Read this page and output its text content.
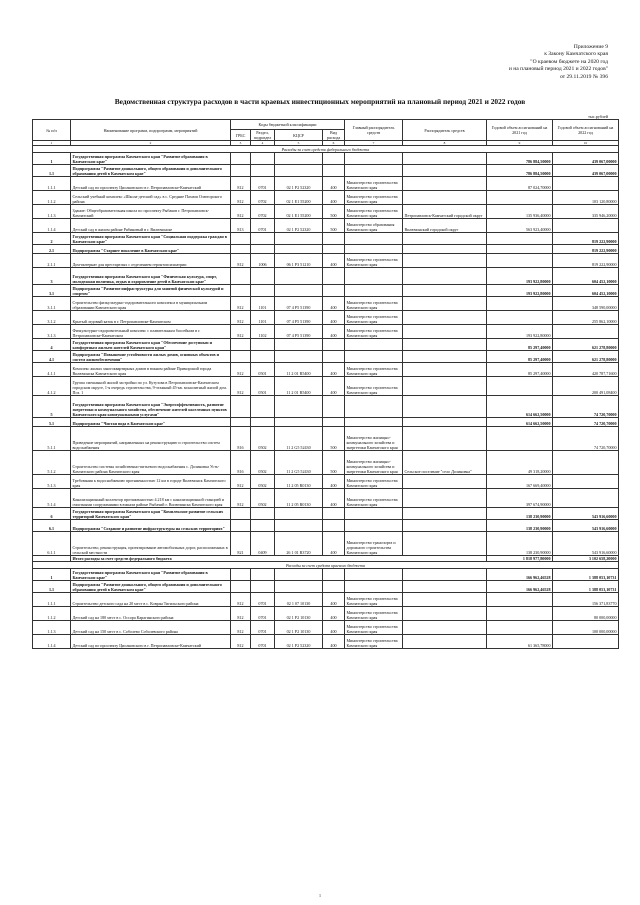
Приложение 9
к Закону Камчатского края
"О краевом бюджете на 2020 год
и на плановый период 2021 и 2022 годов"
от 29.11.2019 № 396
Ведомственная структура расходов в части краевых инвестиционных мероприятий на плановый период 2021 и 2022 годов
тыс.рублей
№ п/п	Наименование программ, подпрограмм, мероприятий	Коды бюджетной классификации				Главный распорядитель средств	Распорядитель средств	Годовой объем ассигнований на 2021 год	Годовой объем ассигнований на 2022 год
		ГРБС	Раздел, подраздел	КЦСР	Вид расхода				
1	2	3	4	5	6	7	8	9	10
Расходы за счет средств федерального бюджета									
1	Государственная программа Камчатского края "Развитие образования в Камчатском крае"							786 884,50000	439 067,00000
1.1	Подпрограмма "Развитие дошкольного, общего образования и дополнительного образования детей в Камчатском крае"							786 884,50000	439 067,00000
1.1.1	Детский сад по проспекту Циолковского в г. Петропавловске-Камчатский	812	0701	02 1 Р2 52320	400	Министерство строительства Камчатского края		87 024,70000	
1.1.2	Сельский учебный комплекс «Школа-детский сад» в с. Средние Пахачи Олюторского района	812	0702	02 1 Е1 55200	400	Министерство строительства Камчатского края			103 120,80000
1.1.3	Здание: Общеобразовательная школа по проспекту Рыбаков г. Петропавловск-Камчатский	812	0702	02 1 Е1 55200	500	Министерство строительства Камчатского края	Петропавловск-Камчатский городской округ	135 936,40000	335 946,20000
1.1.4	Детский сад в жилом районе Рябиновый в г. Вилючинске	813	0701	02 1 Р2 52320	500	Министерство образования Камчатского края	Вилючинский городской округ	563 923,40000	
2	Государственная программа Камчатского края "Социальная поддержка граждан в Камчатском крае"								819 222,90000
2.1	Подпрограмма "Старшее поколение в Камчатском крае"								819 222,90000
2.1.1	Дом-интернат для престарелых с отделением геронтопсихиатрии	812	1006	06 1 Р3 51210	400	Министерство строительства Камчатского края			819 222,90000
3	Государственная программа Камчатского края "Физическая культура, спорт, молодежная политика, отдых и оздоровление детей в Камчатском крае"							193 922,80000	604 452,10000
3.1	Подпрограмма "Развитие инфраструктуры для занятий физической культурой и спортом"							193 922,80000	604 452,10000
3.1.1	Строительство физкультурно-оздоровительного комплекса в муниципальном образовании Камчатского края	812	1101	07 4 Р5 51390	400	Министерство строительства Камчатского края			348 590,00000
3.1.2	Крытый ледовый каток в г. Петропавловске-Камчатском	812	1101	07 4 Р5 51390	400	Министерство строительства Камчатского края			255 862,10000
3.1.3	Физкультурно-оздоровительный комплекс с плавательным бассейном в г. Петропавловске-Камчатском	812	1102	07 4 Р5 51390	400	Министерство строительства Камчатского края		193 922,80000	
4	Государственная программа Камчатского края "Обеспечение доступным и комфортным жильем жителей Камчатского края"							85 297,40000	621 278,80000
4.1	Подпрограмма "Повышение устойчивости жилых домов, основных объектов и систем жизнеобеспечения"							85 297,40000	621 278,80000
4.1.1	Комплекс жилых многоквартирных домов в южном районе Приморский города Вилючинска Камчатского края	812	0501	11 2 01 R5400	400	Министерство строительства Камчатского края		85 297,40000	420 787,71600
4.1.2	Группа смешанной жилой застройки по ул. Кутузова в Петропавловске-Камчатском городском округе, 1-я очередь строительства, 9-этажный 45-кв. монолитный жилой дом. Поз. 1	812	0501	11 2 01 R5400	400	Министерство строительства Камчатского края			200 491,08400
5	Государственная программа Камчатского края "Энергоэффективность, развитие энергетики и коммунального хозяйства, обеспечение жителей населенных пунктов Камчатского края коммунальными услугами"							614 662,50000	74 720,70000
5.1	Подпрограмма "Чистая вода в Камчатском крае"							614 662,50000	74 720,70000
5.1.1	Проведение мероприятий, направленных на реконструкцию и строительство систем водоснабжения	816	0502	11 2 G5 52430	500	Министерство жилищно-коммунального хозяйства и энергетики Камчатского края			74 720,70000
5.1.2	Строительство системы хозяйственно-питьевого водоснабжения с. Долиновка Усть-Камчатского района Камчатского края	816	0502	11 2 G5 52430	500	Министерство жилищно-коммунального хозяйства и энергетики Камчатского края	Сельское поселение "село Долиновка"	49 318,20000	
5.1.3	Требования к водоснабжению протяженностью 12 км в городе Вилючинск Камчатского края	812	0502	11 2 05 R0130	400	Министерство строительства Камчатского края		167 669,40000	
5.1.4	Канализационный коллектор протяженностью 4.218 км с канализационной станцией и очистными сооружениями в южном районе Рыбачий г. Вилючинска Камчатского края	812	0502	11 2 05 R0130	400	Министерство строительства Камчатского края		397 674,90000	
6	Государственная программа Камчатского края "Комплексное развитие сельских территорий Камчатского края"							138 230,90000	543 916,60000
6.1	Подпрограмма "Создание и развитие инфраструктуры на сельских территориях"							138 230,90000	543 916,60000
6.1.1	Строительство, реконструкция, проектирование автомобильных дорог, расположенных в сельской местности	821	0409	26 1 01 R3720	400	Министерство транспорта и дорожного строительства Камчатского края		138 230,90000	543 916,60000
	Итого расходы за счет средств федерального бюджета							1 818 977,80000	3 102 658,20000
Расходы за счет средств краевого бюджета									
1	Государственная программа Камчатского края "Развитие образования в Камчатском крае"							166 962,46528	1 388 053,10731
1.1	Подпрограмма "Развитие дошкольного, общего образования и дополнительного образования детей в Камчатском крае"							166 962,46528	1 388 053,10731
1.1.1	Строительство детского сада на 20 мест в с. Ковран Тигильского района	812	0701	02 1 07 10130	400	Министерство строительства Камчатского края			156 371,83770
1.1.2	Детский сад на 180 мест в с. Оссора Карагинского района	812	0701	02 1 Р2 10130	400	Министерство строительства Камчатского края			80 000,00000
1.1.3	Детский сад на 150 мест в с. Соболево Соболевского района	812	0701	02 1 Р2 10130	400	Министерство строительства Камчатского края			100 000,00000
1.1.4	Детский сад по проспекту Циолковского в г. Петропавловске-Камчатский	812	0701	02 1 Р2 52320	400	Министерство строительства Камчатского края		61 365,78000	
1
